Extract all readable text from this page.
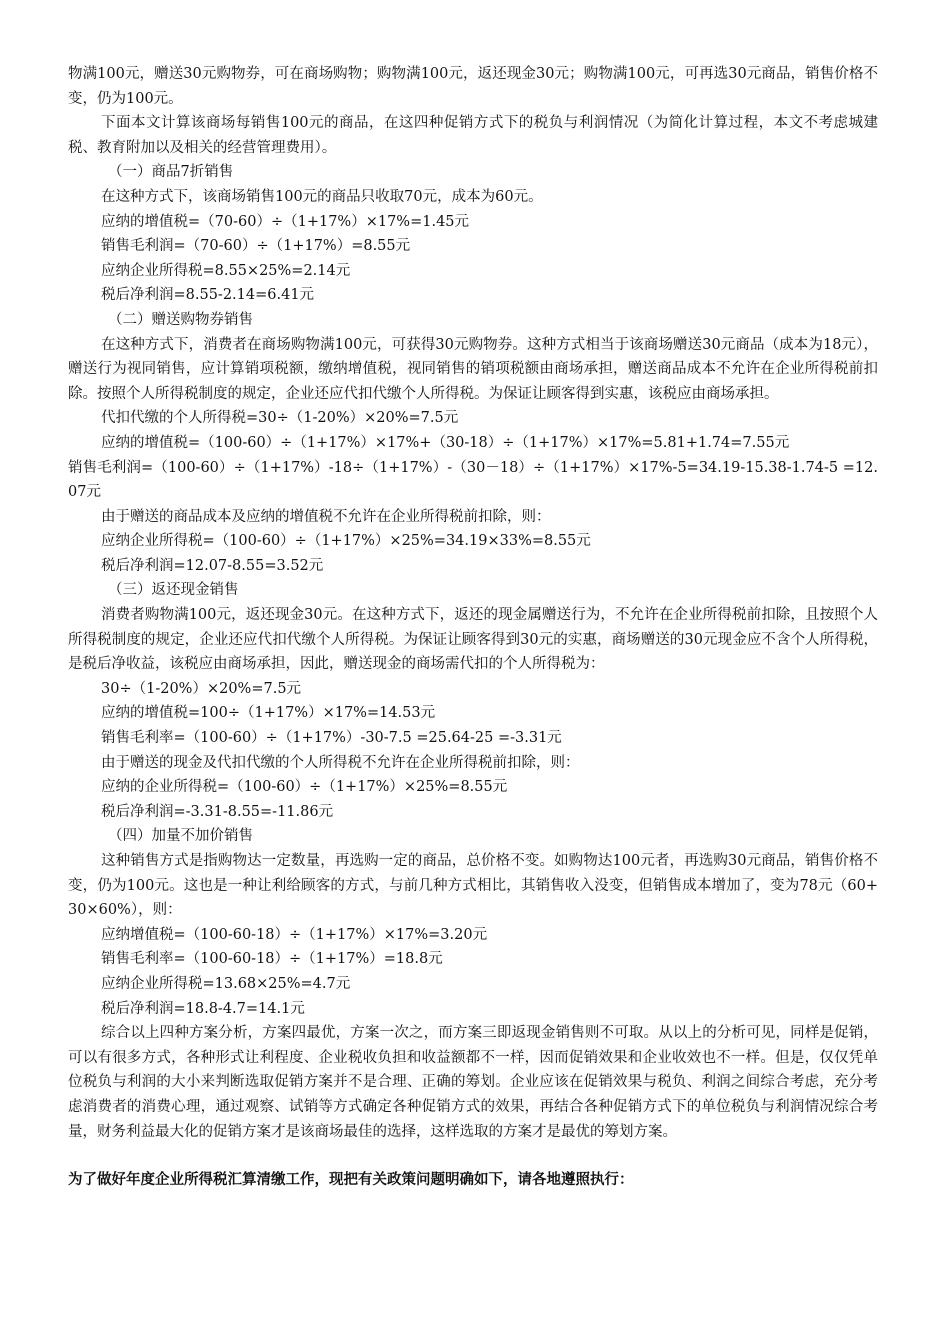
物满100元，赠送30元购物券，可在商场购物；购物满100元，返还现金30元；购物满100元，可再选30元商品，销售价格不变，仍为100元。

下面本文计算该商场每销售100元的商品，在这四种促销方式下的税负与利润情况（为简化计算过程，本文不考虑城建税、教育附加以及相关的经营管理费用）。

（一）商品7折销售

在这种方式下，该商场销售100元的商品只收取70元，成本为60元。

应纳的增值税=（70-60）÷（1+17%）×17%=1.45元

销售毛利润=（70-60）÷（1+17%）=8.55元

应纳企业所得税=8.55×25%=2.14元

税后净利润=8.55-2.14=6.41元

（二）赠送购物券销售

在这种方式下，消费者在商场购物满100元，可获得30元购物券。这种方式相当于该商场赠送30元商品（成本为18元），赠送行为视同销售，应计算销项税额，缴纳增值税，视同销售的销项税额由商场承担，赠送商品成本不允许在企业所得税前扣除。按照个人所得税制度的规定，企业还应代扣代缴个人所得税。为保证让顾客得到实惠，该税应由商场承担。

代扣代缴的个人所得税=30÷（1-20%）×20%=7.5元

应纳的增值税=（100-60）÷（1+17%）×17%+（30-18）÷（1+17%）×17%=5.81+1.74=7.55元

销售毛利润=（100-60）÷（1+17%）-18÷（1+17%）-（30－18）÷（1+17%）×17%-5=34.19-15.38-1.74-5 =12.07元

由于赠送的商品成本及应纳的增值税不允许在企业所得税前扣除，则：

应纳企业所得税=（100-60）÷（1+17%）×25%=34.19×33%=8.55元

税后净利润=12.07-8.55=3.52元

（三）返还现金销售

消费者购物满100元，返还现金30元。在这种方式下，返还的现金属赠送行为，不允许在企业所得税前扣除，且按照个人所得税制度的规定，企业还应代扣代缴个人所得税。为保证让顾客得到30元的实惠，商场赠送的30元现金应不含个人所得税，是税后净收益，该税应由商场承担，因此，赠送现金的商场需代扣的个人所得税为：

30÷（1-20%）×20%=7.5元

应纳的增值税=100÷（1+17%）×17%=14.53元

销售毛利率=（100-60）÷（1+17%）-30-7.5 =25.64-25 =-3.31元

由于赠送的现金及代扣代缴的个人所得税不允许在企业所得税前扣除，则：

应纳的企业所得税=（100-60）÷（1+17%）×25%=8.55元

税后净利润=-3.31-8.55=-11.86元

（四）加量不加价销售

这种销售方式是指购物达一定数量，再选购一定的商品，总价格不变。如购物达100元者，再选购30元商品，销售价格不变，仍为100元。这也是一种让利给顾客的方式，与前几种方式相比，其销售收入没变，但销售成本增加了，变为78元（60+30×60%），则：

应纳增值税=（100-60-18）÷（1+17%）×17%=3.20元

销售毛利率=（100-60-18）÷（1+17%）=18.8元

应纳企业所得税=13.68×25%=4.7元

税后净利润=18.8-4.7=14.1元

综合以上四种方案分析，方案四最优，方案一次之，而方案三即返现金销售则不可取。从以上的分析可见，同样是促销，可以有很多方式，各种形式让利程度、企业税收负担和收益额都不一样，因而促销效果和企业收效也不一样。但是，仅仅凭单位税负与利润的大小来判断选取促销方案并不是合理、正确的筹划。企业应该在促销效果与税负、利润之间综合考虑，充分考虑消费者的消费心理，通过观察、试销等方式确定各种促销方式的效果，再结合各种促销方式下的单位税负与利润情况综合考量，财务利益最大化的促销方案才是该商场最佳的选择，这样选取的方案才是最优的筹划方案。

为了做好年度企业所得税汇算清缴工作，现把有关政策问题明确如下，请各地遵照执行：
